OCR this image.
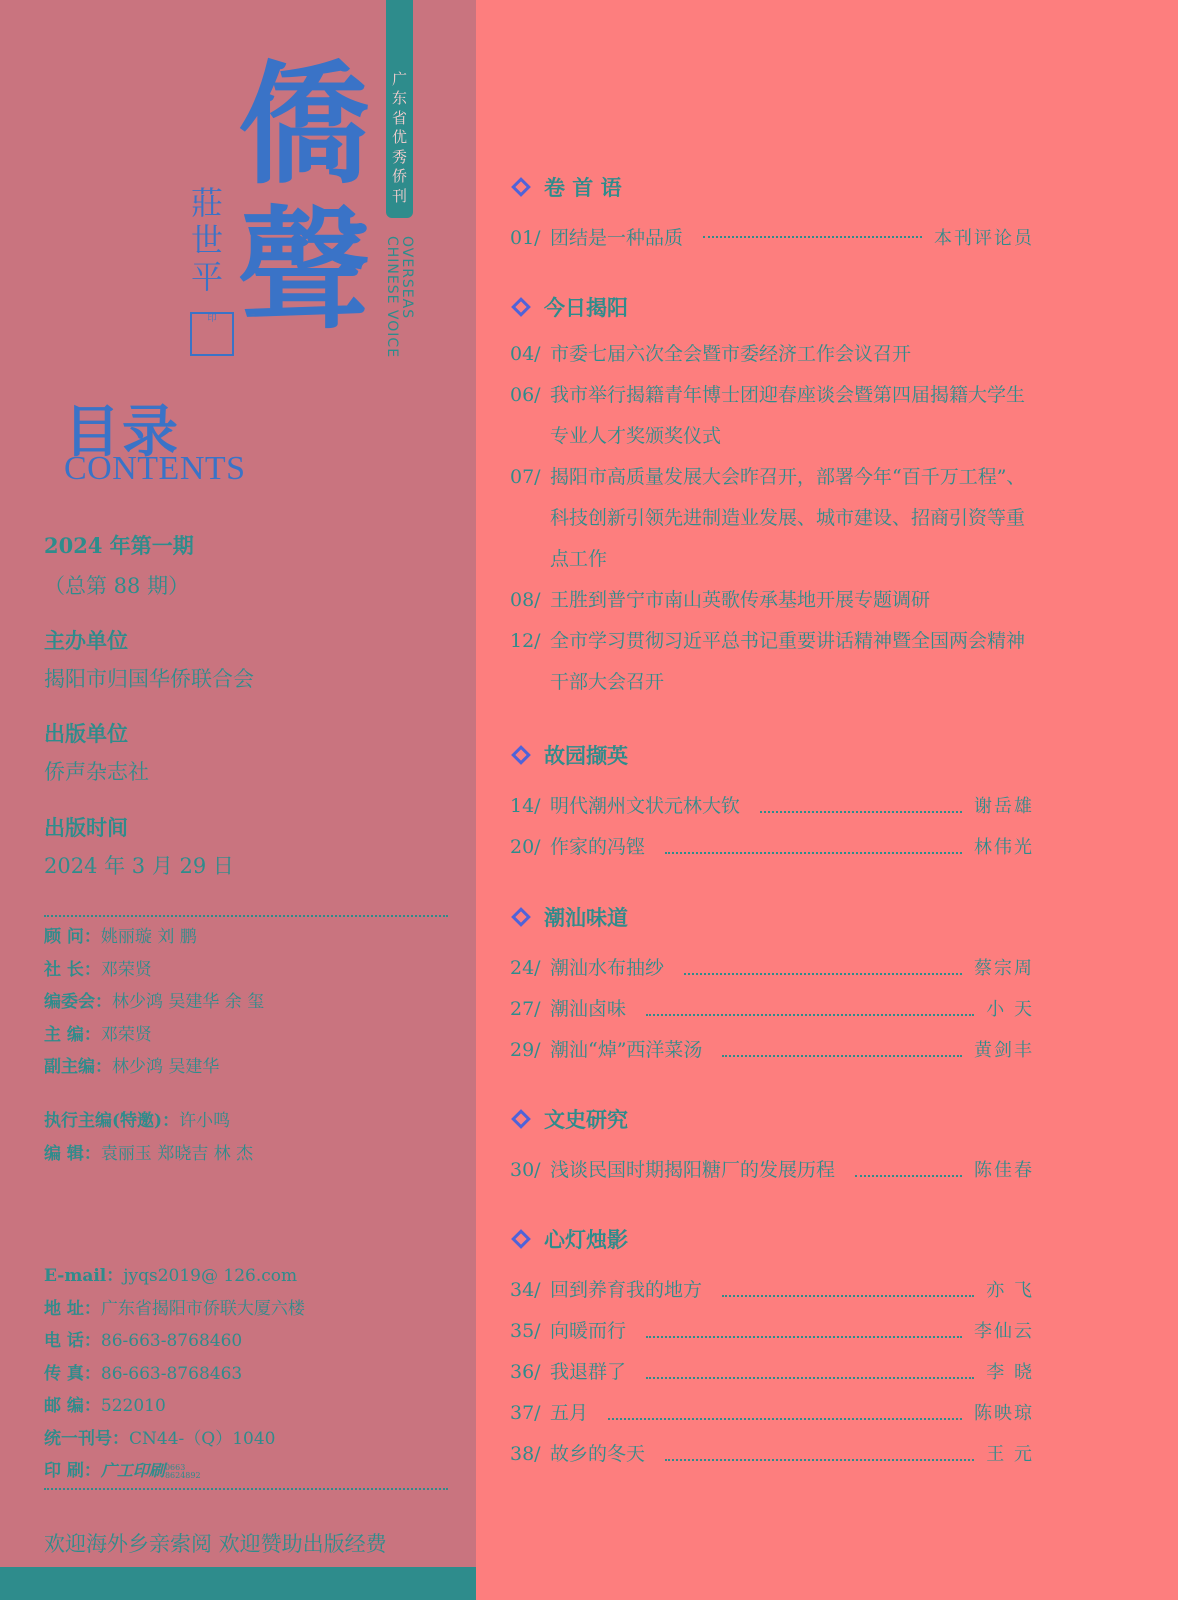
僑
聲
莊
世
平
印
广
东
省
优
秀
侨
刊
OVERSEAS
CHINESE VOICE
目录
CONTENTS
2024 年第一期
（总第 88 期）
主办单位
揭阳市归国华侨联合会
出版单位
侨声杂志社
出版时间
2024 年 3 月 29 日
顾 问：姚丽璇 刘 鹏
社 长：邓荣贤
编委会：林少鸿 吴建华 余 玺
主 编：邓荣贤
副主编：林少鸿 吴建华
执行主编(特邀)：许小鸣
编 辑：袁丽玉 郑晓吉 林 杰
E-mail：jyqs2019@ 126.com
地 址：广东省揭阳市侨联大厦六楼
电 话：86-663-8768460
传 真：86-663-8768463
邮 编：522010
统一刊号：CN44-（Q）1040
印 刷：广工印刷0663
8624892
欢迎海外乡亲索阅 欢迎赞助出版经费
卷 首 语
今日揭阳
故园撷英
潮汕味道
文史研究
心灯烛影
01/ 团结是一种品质	本刊评论员
04/ 市委七届六次全会暨市委经济工作会议召开
06/ 我市举行揭籍青年博士团迎春座谈会暨第四届揭籍大学生专业人才奖颁奖仪式
07/ 揭阳市高质量发展大会昨召开，部署今年“百千万工程”、科技创新引领先进制造业发展、城市建设、招商引资等重点工作
08/ 王胜到普宁市南山英歌传承基地开展专题调研
12/ 全市学习贯彻习近平总书记重要讲话精神暨全国两会精神干部大会召开
14/ 明代潮州文状元林大钦	谢岳雄
20/ 作家的冯铿	林伟光
24/ 潮汕水布抽纱	蔡宗周
27/ 潮汕卤味	小 天
29/ 潮汕“焯”西洋菜汤	黄剑丰
30/ 浅谈民国时期揭阳糖厂的发展历程	陈佳春
34/ 回到养育我的地方	亦 飞
35/ 向暖而行	李仙云
36/ 我退群了	李 晓
37/ 五月	陈映琼
38/ 故乡的冬天	王 元
